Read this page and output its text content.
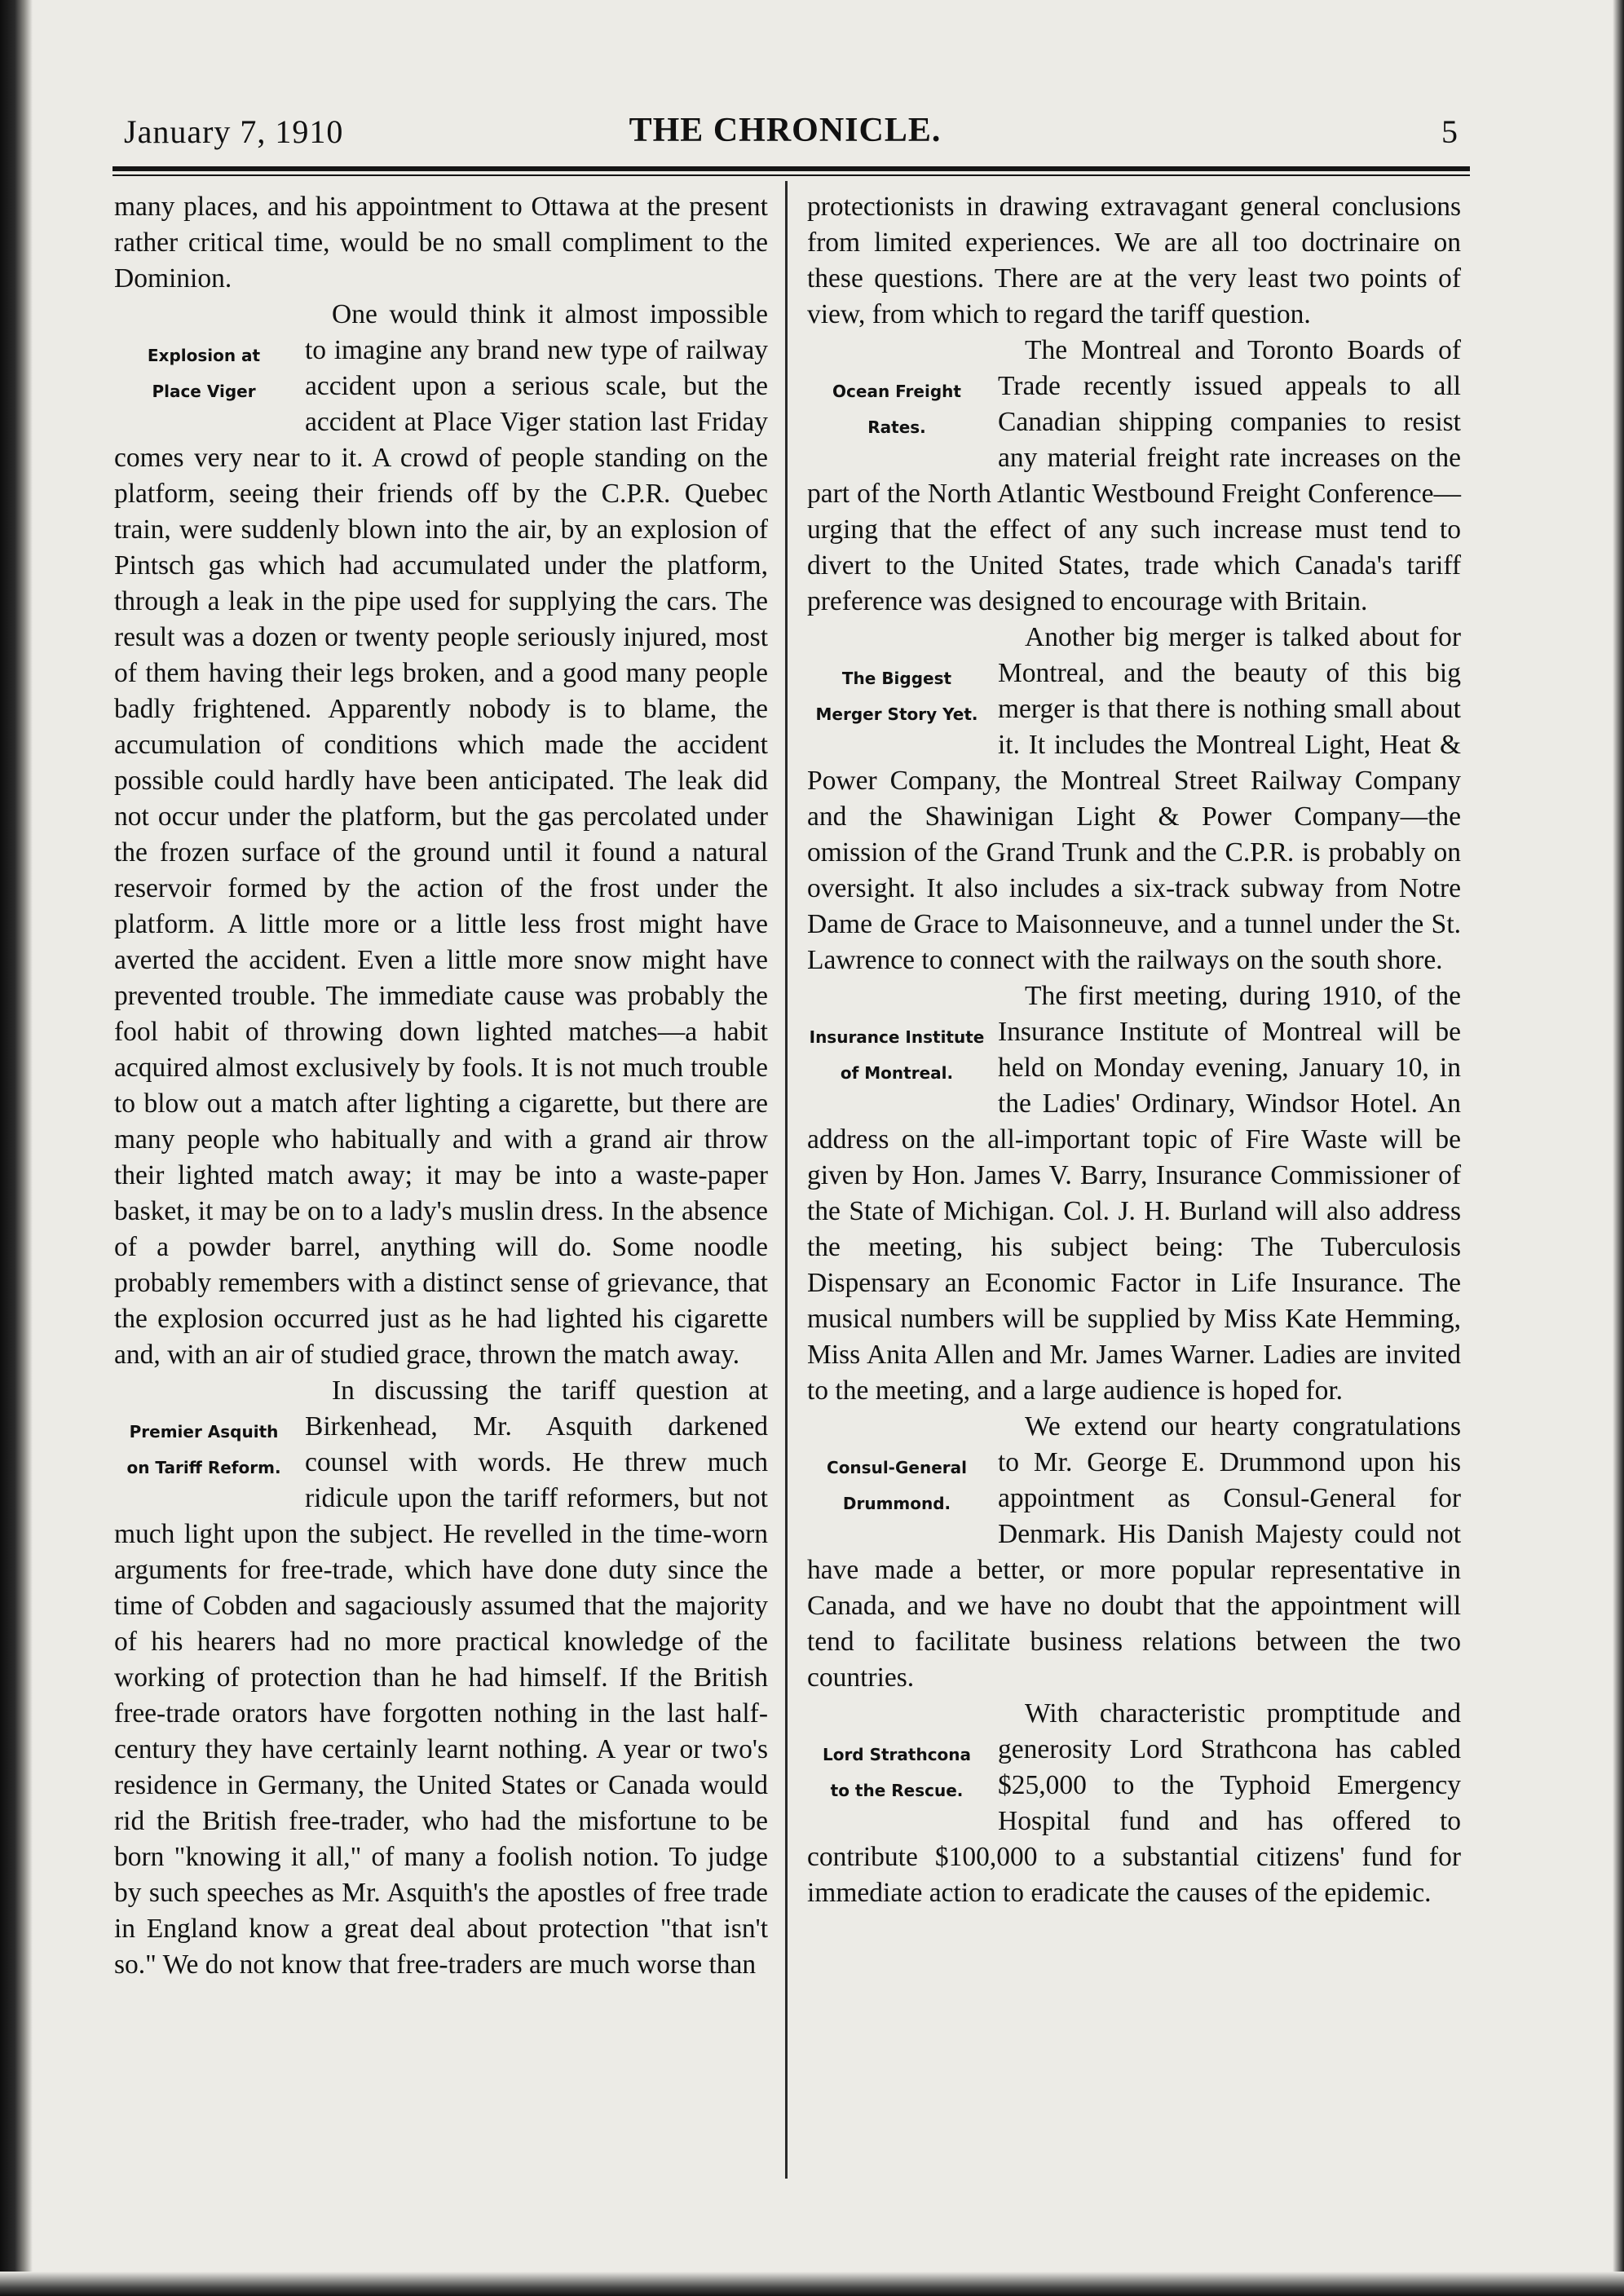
January 7, 1910	THE CHRONICLE.	5

many places, and his appointment to Ottawa at the present rather critical time, would be no small compliment to the Dominion.

Explosion at
Place Viger

One would think it almost impossible to imagine any brand new type of railway accident upon a serious scale, but the accident at Place Viger station last Friday comes very near to it. A crowd of people standing on the platform, seeing their friends off by the C.P.R. Quebec train, were suddenly blown into the air, by an explosion of Pintsch gas which had accumulated under the platform, through a leak in the pipe used for supplying the cars. The result was a dozen or twenty people seriously injured, most of them having their legs broken, and a good many people badly frightened. Apparently nobody is to blame, the accumulation of conditions which made the accident possible could hardly have been anticipated. The leak did not occur under the platform, but the gas percolated under the frozen surface of the ground until it found a natural reservoir formed by the action of the frost under the platform. A little more or a little less frost might have averted the accident. Even a little more snow might have prevented trouble. The immediate cause was probably the fool habit of throwing down lighted matches—a habit acquired almost exclusively by fools. It is not much trouble to blow out a match after lighting a cigarette, but there are many people who habitually and with a grand air throw their lighted match away; it may be into a waste-paper basket, it may be on to a lady's muslin dress. In the absence of a powder barrel, anything will do. Some noodle probably remembers with a distinct sense of grievance, that the explosion occurred just as he had lighted his cigarette and, with an air of studied grace, thrown the match away.

Premier Asquith
on Tariff Reform.

In discussing the tariff question at Birkenhead, Mr. Asquith darkened counsel with words. He threw much ridicule upon the tariff reformers, but not much light upon the subject. He revelled in the time-worn arguments for free-trade, which have done duty since the time of Cobden and sagaciously assumed that the majority of his hearers had no more practical knowledge of the working of protection than he had himself. If the British free-trade orators have forgotten nothing in the last half-century they have certainly learnt nothing. A year or two's residence in Germany, the United States or Canada would rid the British free-trader, who had the misfortune to be born "knowing it all," of many a foolish notion. To judge by such speeches as Mr. Asquith's the apostles of free trade in England know a great deal about protection "that isn't so." We do not know that free-traders are much worse than

protectionists in drawing extravagant general conclusions from limited experiences. We are all too doctrinaire on these questions. There are at the very least two points of view, from which to regard the tariff question.

Ocean Freight
Rates.

The Montreal and Toronto Boards of Trade recently issued appeals to all Canadian shipping companies to resist any material freight rate increases on the part of the North Atlantic Westbound Freight Conference—urging that the effect of any such increase must tend to divert to the United States, trade which Canada's tariff preference was designed to encourage with Britain.

The Biggest
Merger Story Yet.

Another big merger is talked about for Montreal, and the beauty of this big merger is that there is nothing small about it. It includes the Montreal Light, Heat & Power Company, the Montreal Street Railway Company and the Shawinigan Light & Power Company—the omission of the Grand Trunk and the C.P.R. is probably on oversight. It also includes a six-track subway from Notre Dame de Grace to Maisonneuve, and a tunnel under the St. Lawrence to connect with the railways on the south shore.

Insurance Institute
of Montreal.

The first meeting, during 1910, of the Insurance Institute of Montreal will be held on Monday evening, January 10, in the Ladies' Ordinary, Windsor Hotel. An address on the all-important topic of Fire Waste will be given by Hon. James V. Barry, Insurance Commissioner of the State of Michigan. Col. J. H. Burland will also address the meeting, his subject being: The Tuberculosis Dispensary an Economic Factor in Life Insurance. The musical numbers will be supplied by Miss Kate Hemming, Miss Anita Allen and Mr. James Warner. Ladies are invited to the meeting, and a large audience is hoped for.

Consul-General
Drummond.

We extend our hearty congratulations to Mr. George E. Drummond upon his appointment as Consul-General for Denmark. His Danish Majesty could not have made a better, or more popular representative in Canada, and we have no doubt that the appointment will tend to facilitate business relations between the two countries.

Lord Strathcona
to the Rescue.

With characteristic promptitude and generosity Lord Strathcona has cabled $25,000 to the Typhoid Emergency Hospital fund and has offered to contribute $100,000 to a substantial citizens' fund for immediate action to eradicate the causes of the epidemic.
